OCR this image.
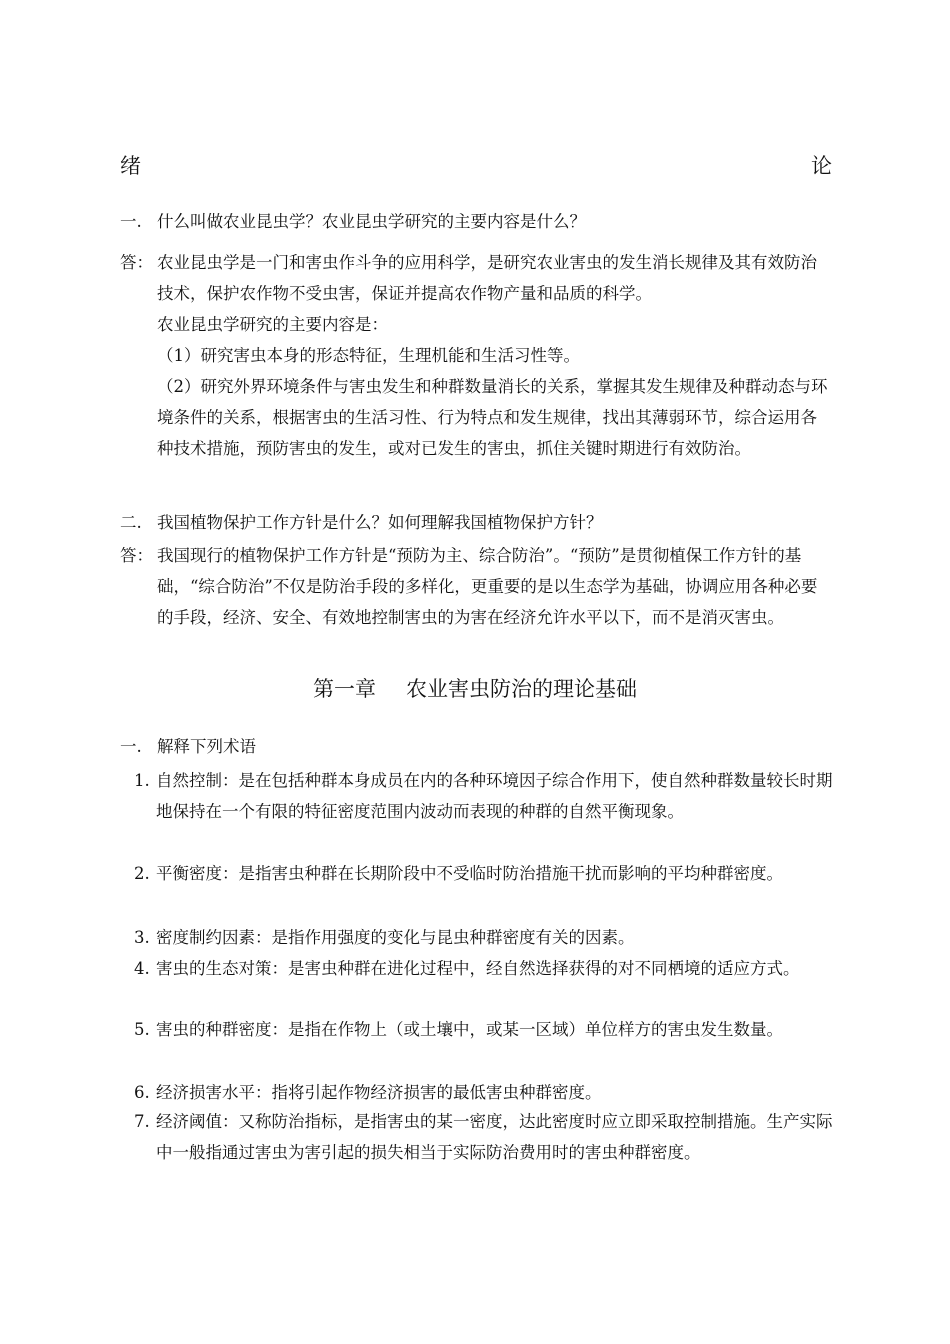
绪	论
一. 什么叫做农业昆虫学？农业昆虫学研究的主要内容是什么？
答： 农业昆虫学是一门和害虫作斗争的应用科学，是研究农业害虫的发生消长规律及其有效防治技术，保护农作物不受虫害，保证并提高农作物产量和品质的科学。

农业昆虫学研究的主要内容是：

（1）研究害虫本身的形态特征，生理机能和生活习性等。

（2）研究外界环境条件与害虫发生和种群数量消长的关系，掌握其发生规律及种群动态与环境条件的关系，根据害虫的生活习性、行为特点和发生规律，找出其薄弱环节，综合运用各种技术措施，预防害虫的发生，或对已发生的害虫，抓住关键时期进行有效防治。

二. 我国植物保护工作方针是什么？如何理解我国植物保护方针？
答： 我国现行的植物保护工作方针是“预防为主、综合防治”。“预防”是贯彻植保工作方针的基础，“综合防治”不仅是防治手段的多样化，更重要的是以生态学为基础，协调应用各种必要的手段，经济、安全、有效地控制害虫的为害在经济允许水平以下，而不是消灭害虫。

第一章 农业害虫防治的理论基础
一. 解释下列术语
1. 自然控制：是在包括种群本身成员在内的各种环境因子综合作用下，使自然种群数量较长时期地保持在一个有限的特征密度范围内波动而表现的种群的自然平衡现象。
2. 平衡密度：是指害虫种群在长期阶段中不受临时防治措施干扰而影响的平均种群密度。
3. 密度制约因素：是指作用强度的变化与昆虫种群密度有关的因素。
4. 害虫的生态对策：是害虫种群在进化过程中，经自然选择获得的对不同栖境的适应方式。
5. 害虫的种群密度：是指在作物上（或土壤中，或某一区域）单位样方的害虫发生数量。
6. 经济损害水平：指将引起作物经济损害的最低害虫种群密度。
7. 经济阈值：又称防治指标，是指害虫的某一密度，达此密度时应立即采取控制措施。生产实际中一般指通过害虫为害引起的损失相当于实际防治费用时的害虫种群密度。
